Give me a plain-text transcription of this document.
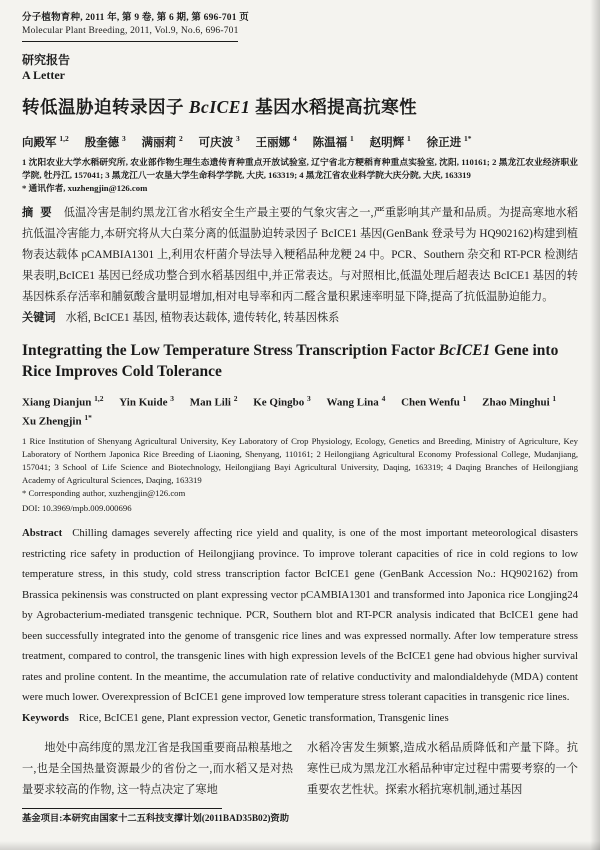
分子植物育种, 2011 年, 第 9 卷, 第 6 期, 第 696-701 页
Molecular Plant Breeding, 2011, Vol.9, No.6, 696-701
研究报告
A Letter
转低温胁迫转录因子 BcICE1 基因水稻提高抗寒性
向殿军 $^{1,2}$ 殷奎德 $^3$ 满丽莉 $^2$ 可庆波 $^3$ 王丽娜 $^4$ 陈温福 $^1$ 赵明辉 $^1$ 徐正进 $^{1*}$
1 沈阳农业大学水稻研究所, 农业部作物生理生态遗传育种重点开放试验室, 辽宁省北方粳稻育种重点实验室, 沈阳, 110161; 2 黑龙江农业经济职业学院, 牡丹江, 157041; 3 黑龙江八一农垦大学生命科学学院, 大庆, 163319; 4 黑龙江省农业科学院大庆分院, 大庆, 163319
* 通讯作者, xuzhengjin@126.com
摘 要 低温冷害是制约黑龙江省水稻安全生产最主要的气象灾害之一,严重影响其产量和品质。为提高寒地水稻抗低温冷害能力,本研究将从大白菜分离的低温胁迫转录因子 BcICE1 基因(GenBank 登录号为 HQ902162)构建到植物表达载体 pCAMBIA1301 上,利用农杆菌介导法导入粳稻品种龙粳 24 中。PCR、Southern 杂交和 RT-PCR 检测结果表明,BcICE1 基因已经成功整合到水稻基因组中,并正常表达。与对照相比,低温处理后超表达 BcICE1 基因的转基因株系存活率和脯氨酸含量明显增加,相对电导率和丙二醛含量积累速率明显下降,提高了抗低温胁迫能力。
关键词 水稻, BcICE1 基因, 植物表达载体, 遗传转化, 转基因株系
Integratting the Low Temperature Stress Transcription Factor BcICE1 Gene into Rice Improves Cold Tolerance
Xiang Dianjun $^{1,2}$ Yin Kuide $^3$ Man Lili $^2$ Ke Qingbo $^3$ Wang Lina $^4$ Chen Wenfu $^1$ Zhao Minghui $^1$ Xu Zhengjin $^{1*}$
1 Rice Institution of Shenyang Agricultural University, Key Laboratory of Crop Physiology, Ecology, Genetics and Breeding, Ministry of Agriculture, Key Laboratory of Northern Japonica Rice Breeding of Liaoning, Shenyang, 110161; 2 Heilongjiang Agricultural Economy Professional College, Mudanjiang, 157041; 3 School of Life Science and Biotechnology, Heilongjiang Bayi Agricultural University, Daqing, 163319; 4 Daqing Branches of Heilongjiang Academy of Agricultural Sciences, Daqing, 163319
* Corresponding author, xuzhengjin@126.com
DOI: 10.3969/mpb.009.000696
Abstract Chilling damages severely affecting rice yield and quality, is one of the most important meteorological disasters restricting rice safety in production of Heilongjiang province. To improve tolerant capacities of rice in cold regions to low temperature stress, in this study, cold stress transcription factor BcICE1 gene (GenBank Accession No.: HQ902162) from Brassica pekinensis was constructed on plant expressing vector pCAMBIA1301 and transformed into Japonica rice Longjing24 by Agrobacterium-mediated transgenic technique. PCR, Southern blot and RT-PCR analysis indicated that BcICE1 gene had been successfully integrated into the genome of transgenic rice lines and was expressed normally. After low temperature stress treatment, compared to control, the transgenic lines with high expression levels of the BcICE1 gene had obvious higher survival rates and proline content. In the meantime, the accumulation rate of relative conductivity and malondialdehyde (MDA) content were much lower. Overexpression of BcICE1 gene improved low temperature stress tolerant capacities in transgenic rice lines.
Keywords Rice, BcICE1 gene, Plant expression vector, Genetic transformation, Transgenic lines

地处中高纬度的黑龙江省是我国重要商品粮基地之一,也是全国热量资源最少的省份之一,而水稻又是对热量要求较高的作物, 这一特点决定了寒地

水稻冷害发生频繁,造成水稻品质降低和产量下降。抗寒性已成为黑龙江水稻品种审定过程中需要考察的一个重要农艺性状。探索水稻抗寒机制,通过基因

基金项目:本研究由国家十二五科技支撑计划(2011BAD35B02)资助
